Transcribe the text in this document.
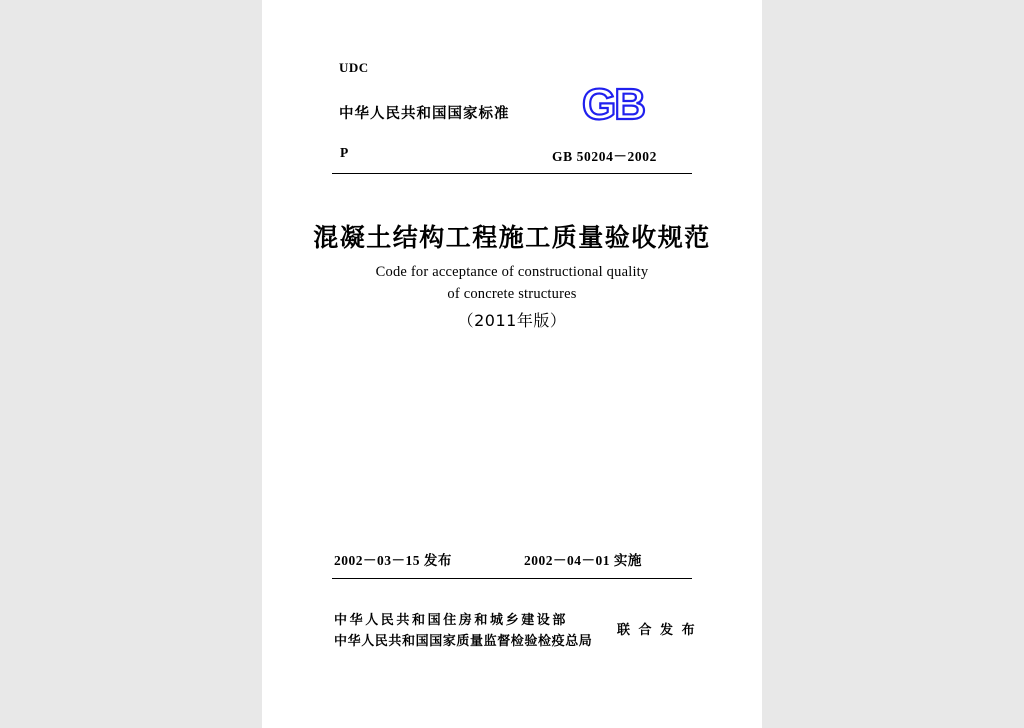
UDC
中华人民共和国国家标准 GB
P	GB 50204－2002
混凝土结构工程施工质量验收规范
Code for acceptance of constructional quality
of concrete structures
（2011年版）
2002－03－15 发布	2002－04－01 实施
中华人民共和国住房和城乡建设部
中华人民共和国国家质量监督检验检疫总局
联 合 发 布
